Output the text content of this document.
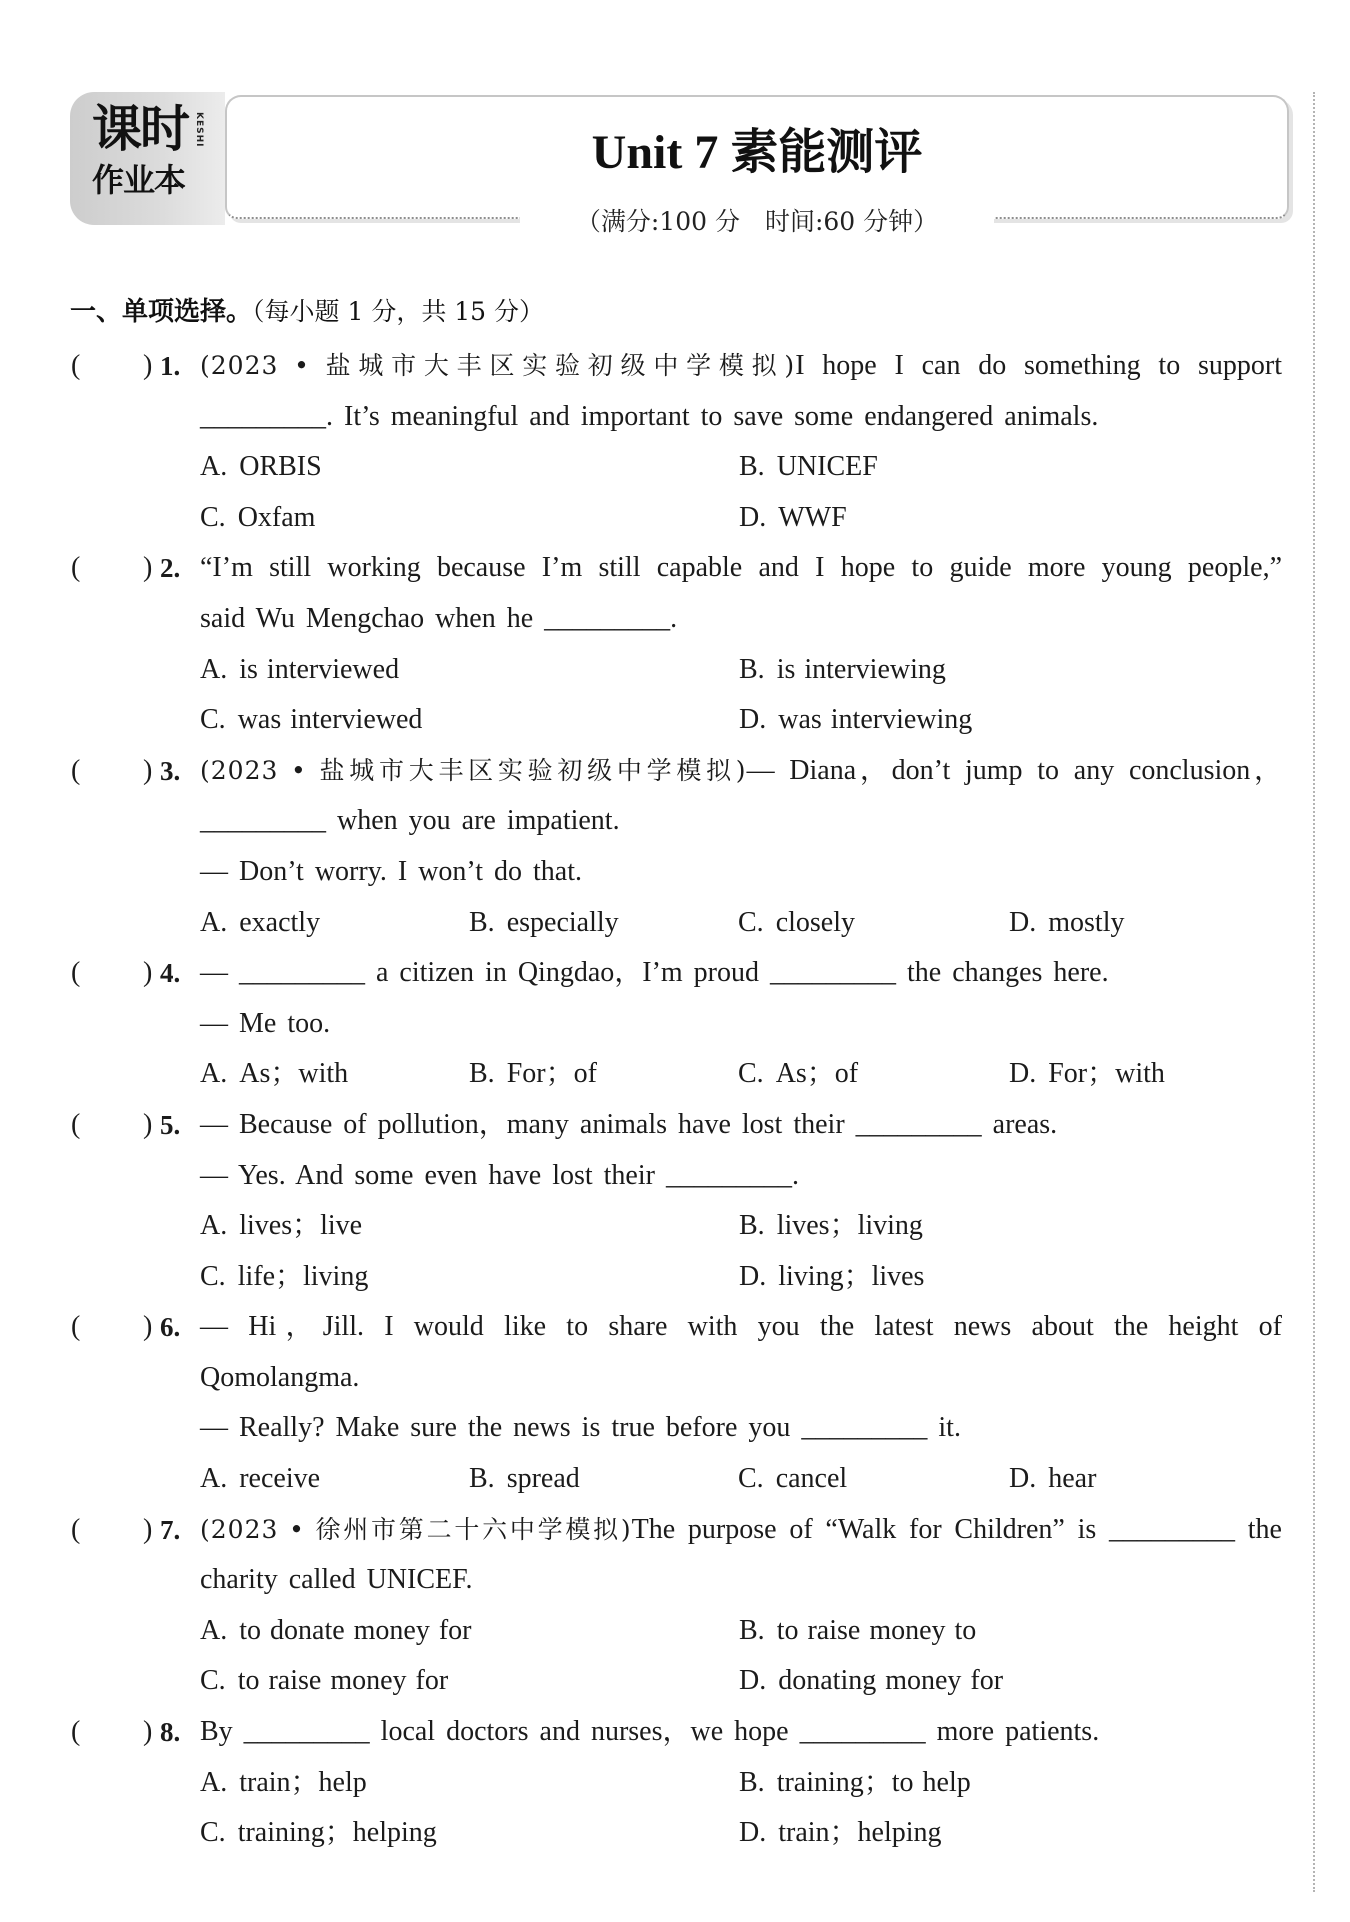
课时 KESHI
作业本
Unit 7 素能测评
（满分:100 分　时间:60 分钟）
一、单项选择。（每小题 1 分，共 15 分）
( ) 1. (2023 • 盐城市大丰区实验初级中学模拟)I hope I can do something to support
_________. It’s meaningful and important to save some endangered animals.
A. ORBIS	B. UNICEF
C. Oxfam	D. WWF
( ) 2. “I’m still working because I’m still capable and I hope to guide more young people,”
said Wu Mengchao when he _________.
A. is interviewed	B. is interviewing
C. was interviewed	D. was interviewing
( ) 3. (2023 • 盐城市大丰区实验初级中学模拟)— Diana，don’t jump to any conclusion，
_________ when you are impatient.
— Don’t worry. I won’t do that.
A. exactly	B. especially	C. closely	D. mostly
( ) 4. — _________ a citizen in Qingdao，I’m proud _________ the changes here.
— Me too.
A. As；with	B. For；of	C. As；of	D. For；with
( ) 5. — Because of pollution，many animals have lost their _________ areas.
— Yes. And some even have lost their _________.
A. lives；live	B. lives；living
C. life；living	D. living；lives
( ) 6. — Hi，Jill. I would like to share with you the latest news about the height of
Qomolangma.
— Really? Make sure the news is true before you _________ it.
A. receive	B. spread	C. cancel	D. hear
( ) 7. (2023 • 徐州市第二十六中学模拟)The purpose of “Walk for Children” is _________ the
charity called UNICEF.
A. to donate money for	B. to raise money to
C. to raise money for	D. donating money for
( ) 8. By _________ local doctors and nurses，we hope _________ more patients.
A. train；help	B. training；to help
C. training；helping	D. train；helping
